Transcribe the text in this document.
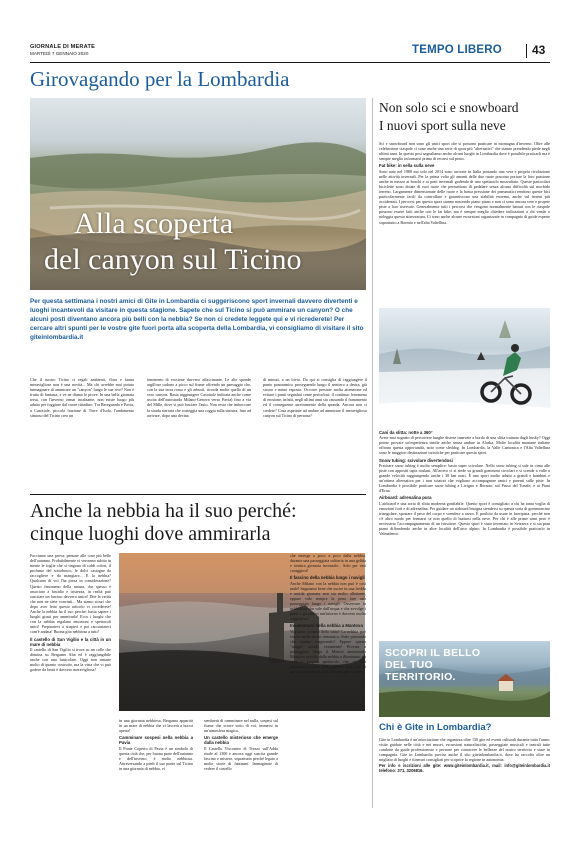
GIORNALE DI MERATE
MARTEDÌ 7 GENNAIO 2020	TEMPO LIBERO	43
Girovagando per la Lombardia
Alla scoperta
del canyon sul Ticino
Per questa settimana i nostri amici di Gite in Lombardia ci suggeriscono sport invernali davvero divertenti e luoghi incantevoli da visitare in questa stagione. Sapete che sul Ticino si può ammirare un canyon? O che alcuni posti diventano ancora più belli con la nebbia? Se non ci credete leggete qui e vi ricrederete! Per cercare altri spunti per le vostre gite fuori porta alla scoperta della Lombardia, vi consigliamo di visitare il sito giteinlombardia.it
Che il nostro Ticino ci regali ambienti, flora e fauna meravigliose non è una novità... Ma chi avrebbe mai potuto immaginare di ammirare un "canyon" lungo le sue rive? Non è frutto di fantasia, e ve ne diamo le prove. In una bella giornata tersa, con l'inverno ormai incalzante, non esiste luogo più adatto per foggiare dal cuore cittadino. Tra Bereguardo e Pavia, a Casottole, piccola frazione di Torre d'Isola, l'andamento sinuoso del Ticino crea un
fenomeno di erosione davvero affascinante. Le alte sponde argillose cadono a picco sul fiume offrendo un paesaggio che, con la sua terra rossa e gli arbusti, ricorda molto quello di un vero canyon. Basta raggiungere Casottole indicata anche come uscita dell'autostrada Milano-Genova verso Pavia) fino a via del Mille, dove si può lasciare l'auto. Non resta che imboccare la strada sterrata che costeggia una roggia sulla sinistra, fino ad arrivare, dopo una decina
di minuti, a un bivio. Da qui si consiglia di raggiungere il punto panoramico proseguendo lungo il sentiero a destra, già sicuro e meno esposto. Occorre prestare molta attenzione ed evitare i punti segnalati come pericolosi: il continuo fenomeno di erosione, infatti, negli ultimi anni sta causando il franamento ed il conseguente arretramento della sponda. Ancora non ci credete? Cosa aspettate ad andare ad ammirare il meraviglioso canyon sul Ticino di persona?
Anche la nebbia ha il suo perché:
cinque luoghi dove ammirarla

Facciamo una prova: pensate alle cose più belle dell'autunno. Probabilmente vi verranno subito in mente le foglie che si tingono di caldi colori, il profumo del sottobosco, le dolci castagne da raccogliere e da mangiare... E la nebbia? Qualcuno di voi l'ha presa in considerazione? Questo fenomeno della natura, che spesso è associato a fastidio e tristezza, in realtà può suscitare un fascino davvero unico! Dite la verità che non ne siete convinti... Ma siamo sicuri che dopo aver letto questo articolo vi ricrederete! Anche la nebbia ha il suo perché: basta sapere i luoghi giusti per ammirarla! Ecco i luoghi che con la nebbia regalano emozioni e spettacoli unici! Preparatevi a stupirvi e poi raccontateci com'è andata! Buona gita nebbiosa a tutti!

Il castello di San Vigilio e la città in un mare di nebbia

Il castello di San Vigilio si trova su un colle che domina su Bergamo Alta ed è raggiungibile anche con una funicolare. Oggi non rimane molto di quanto costruito, ma la vista che vi può godere da lassù è davvero meravigliosa!

in una giornata nebbiosa, Bergamo apparirà in un mare di nebbia che vi lascerà a bocca aperta!

Camminare sospesi nella nebbia a Pavia

Il Ponte Coperto di Pavia è un simbolo di questa città che, per buona parte dell'autunno e dell'inverno, è molto nebbiosa. Attraversando a piedi il suo ponte sul Ticino in una giornata di nebbia, vi

sembrerà di camminare nel nulla, sospesi sul fiume che scorre sotto di voi, immersi in un'atmosfera magica.

Un castello misterioso che emerge dalla nebbia

Il Castello Visconteo di Trezzo sull'Adda risale al 1300 e ancora oggi suscita grande fascino e mistero, soprattutto perché legato a molte storie di fantasmi. Immaginate di vedere il castello

che emerge a poco a poco dalla nebbia, durante una passeggiata solitaria in una gelida e sinistra giornata invernale... Solo per veri coraggiosi!

Il fascino della nebbia lungo i navigli

Anche Milano con la nebbia non può è così male! Sappiamo bene che uscire in una fredda e umida giornata non sia molto allettante, eppure vale sempre la pena fare una passeggiata lungo i navigli. Osservare la nebbiolina che sale dall'acqua e che avvolge i ponti e gli edifici tutt'intorno è davvero molto suggestivo!

Innamorarsi della nebbia a Mantova

Vogliamo proprio dirla tutta? La nebbia può essere anche molto romantica. State pensando che stiamo esagerando? Eppure questa "magia" accade veramente! Provate a passeggiare lungo il Mincio ammirando Mantova avvolta dalla nebbia a illuminata: un vero e proprio spettacolo che vi farà innamorare anche della nebbia, non solo di questa incantevole città. Provare per credere!

Non solo sci e snowboard
I nuovi sport sulla neve

Sci e snowboard non sono gli unici sport che si possono praticare in montagna d'inverno. Oltre alle celeberrime ciaspole ci sono anche una serie di sport più "alternativi" che stanno prendendo piede negli ultimi anni. In questo post segnaliamo anche alcuni luoghi in Lombardia dove è possibile praticarli ma è sempre meglio informarsi prima di recarsi sul posto.

Fat bike: in sella sulla neve

Sono nate nel 1980 ma solo nel 2014 sono arrivate in Italia portando una vera e propria rivoluzione nelle attività invernali. Per la prima volta gli amanti delle due ruote possono portare la loro passione anche in mezzo ai boschi e ai prati invernali godendo di uno spettacolo mozzafiato. Queste particolari biciclette sono dotate di ruoi ruote che permettono di pedalare senza alcuna difficoltà sul morbido terreno. Largamente dimensionate delle ruote e la bassa pressione dei pneumatici rendono queste bici particolarmente facili da controllare e garantiscono una stabilità estrema, anche sul terreni più accidentati. I percorsi per questo sport stanno nascendo piano piano e non ci sono ancora vere e proprie piste a loro riservate. Generalmente tutti i percorsi che vengono normalmente battuti con le ciaspole possono essere fatti anche con le fat bike, ma è sempre meglio chiedere indicazioni a chi vende o noleggia questa attrezzatura. Ci sono anche alcune escursioni organizzate in compagnia di guide esperte soprattutto a Bormio e nell'alta Valtellina.

Cani da slitta: notte a 360°

Avete mai sognato di percorrere lunghe distese innevate a bordo di una slitta trainata dagli husky? Oggi potete provare un'esperienza simile anche senza andare in Alaska. Molte località montane italiane offrono questa opportunità, noto come sleddog. In Lombardia, la Valle Camonica e l'Alta Valtellina sono le maggiori destinazioni turistiche per praticare questo sport.

Snow tubing: scivolare divertendosi

Praticare snow tubing è molto semplice: basta saper scivolare. Nello snow tubing si sale in cima alle piste con appositi tapis roulant. All'arrivo ci si siede su grandi gommoni circolari e si scende a valle a grande velocità raggiungendo anche i 30 km orari. È uno sport molto adatto a grandi e bambini e un'ottima alternativa per i non sciatori che vogliono accompagnare amici e parenti sulle piste. In Lombardia è possibile praticare snow tubing a Livigno e Bormio, sul Passo del Tonale, e ai Piani d'Erna.

Airboard: adrenalina pura

L'airboard è una sorta di slitta moderna gonfiabile. Questo sport è consigliato a chi ha tanta voglia di emozioni forti e di adrenalina. Per guidare un airboard bisogna stendersi su questa sorta di gommoncino triangolare, spostare il peso del corpo e scendere a razzo. È proibito da usare in fuoripista, perché non c'è altro modo per fermarsi se non quello di buttarsi nella neve. Per chi è alle prime armi però è necessario l'accompagnamento di un istruttore. Questo sport è stato inventato in Svizzera e si sta pian piano diffondendo anche in altre località dell'arco alpino. In Lombardia è possibile praticarlo in Valmalenco.

SCOPRI IL BELLO
DEL TUO
TERRITORIO.
Chi è Gite in Lombardia?

Gite in Lombardia è un'associazione che organizza oltre 150 gite ed eventi culturali durante tutto l'anno: visite guidate nelle città e nei musei, escursioni naturalistiche, passeggiate musicali e teatrali tutte condotte da guide professioniste e persone per conoscere le bellezze del nostro territorio e stare in compagnia. Gite in Lombardia precise anche il sito giteinlombardia.it, dove ha raccolto oltre un migliaio di luoghi e itinerari consigliati per scoprire la regione in autonomia.

Per info e iscrizioni alle gite: www.giteinlombardia.it, mail: info@giteinlombardia.it telefono: 371. 3206816.
